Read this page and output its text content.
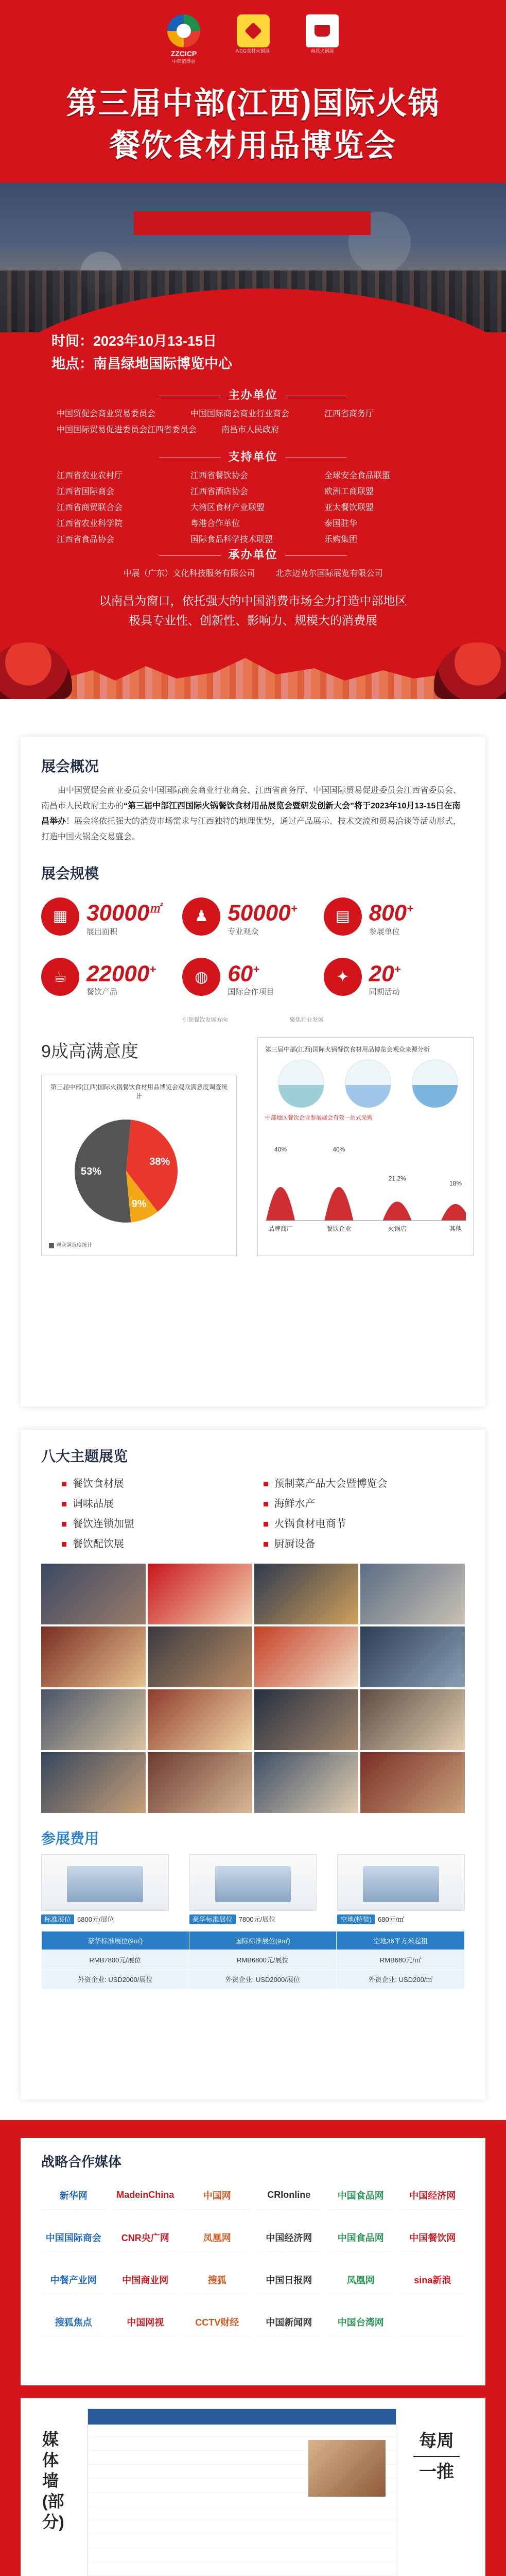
ZZCICP
中部消博会
NCG食材火锅展	南昌火锅展
第三届中部(江西)国际火锅
餐饮食材用品博览会
时间：2023年10月13-15日
地点：南昌绿地国际博览中心
主办单位
中国贸促会商业贸易委员会	中国国际商会商业行业商会	江西省商务厅
中国国际贸易促进委员会江西省委员会	南昌市人民政府
支持单位
江西省农业农村厅	江西省餐饮协会	全球安全食品联盟
江西省国际商会	江西省酒店协会	欧洲工商联盟
江西省商贸联合会	大湾区食材产业联盟	亚太餐饮联盟
江西省农业科学院	粤港合作单位	泰国驻华
江西省食品协会	国际食品科学技术联盟	乐购集团
承办单位
中展（广东）文化科技服务有限公司	北京迈克尔国际展览有限公司
以南昌为窗口，依托强大的中国消费市场全力打造中部地区
极具专业性、创新性、影响力、规模大的消费展
展会概况

由中国贸促会商业委员会中国国际商会商业行业商会、江西省商务厅、中国国际贸易促进委员会江西省委员会、南昌市人民政府主办的“第三届中部江西国际火锅餐饮食材用品展览会暨研发创新大会”将于2023年10月13-15日在南昌举办！展会将依托强大的消费市场需求与江西独特的地理优势，通过产品展示、技术交流和贸易洽谈等活动形式，打造中国火锅全交易盛会。

展会规模
▦ 30000㎡
展出面积
♟ 50000+
专业观众
▤ 800+
参展单位
☕ 22000+
餐饮产品
◍ 60+
国际合作项目
✦ 20+
同期活动
引领餐饮发展方向	聚焦行业发展
9成高满意度
第三届中部(江西)国际火锅餐饮食材用品博览会观众满意度调查统计
53%
38%
9%
观众满意度统计
第三届中部(江西)国际火锅餐饮食材用品博览会观众来源分析
中部地区餐饮企业参展展会有效一站式采购
40%
品牌商厂
40%
餐饮企业
21.2%
火锅店
18%
其他
八大主题展览
餐饮食材展	预制菜产品大会暨博览会
调味品展	海鲜水产
餐饮连锁加盟	火锅食材电商节
餐饮配饮展	厨厨设备
参展费用
标准展位 6800元/展位	豪华标准展位 7800元/展位	空地(特装) 680元/㎡
豪华标准展位(9㎡)	国际标准展位(9㎡)	空地36平方米起租
RMB7800元/展位	RMB6800元/展位	RMB680元/㎡
外资企业: USD2000/展位	外资企业: USD2000/展位	外资企业: USD200/㎡
战略合作媒体
新华网	MadeinChina	中国网	CRIonline	中国食品网	中国经济网
中国国际商会	CNR央广网	凤凰网	中国经济网	中国食品网	中国餐饮网
中餐产业网	中国商业网	搜狐	中国日报网	凤凰网	sina新浪
搜狐焦点	中国网视	CCTV财经	中国新闻网	中国台湾网
媒体墙(部分)
每周
一推
